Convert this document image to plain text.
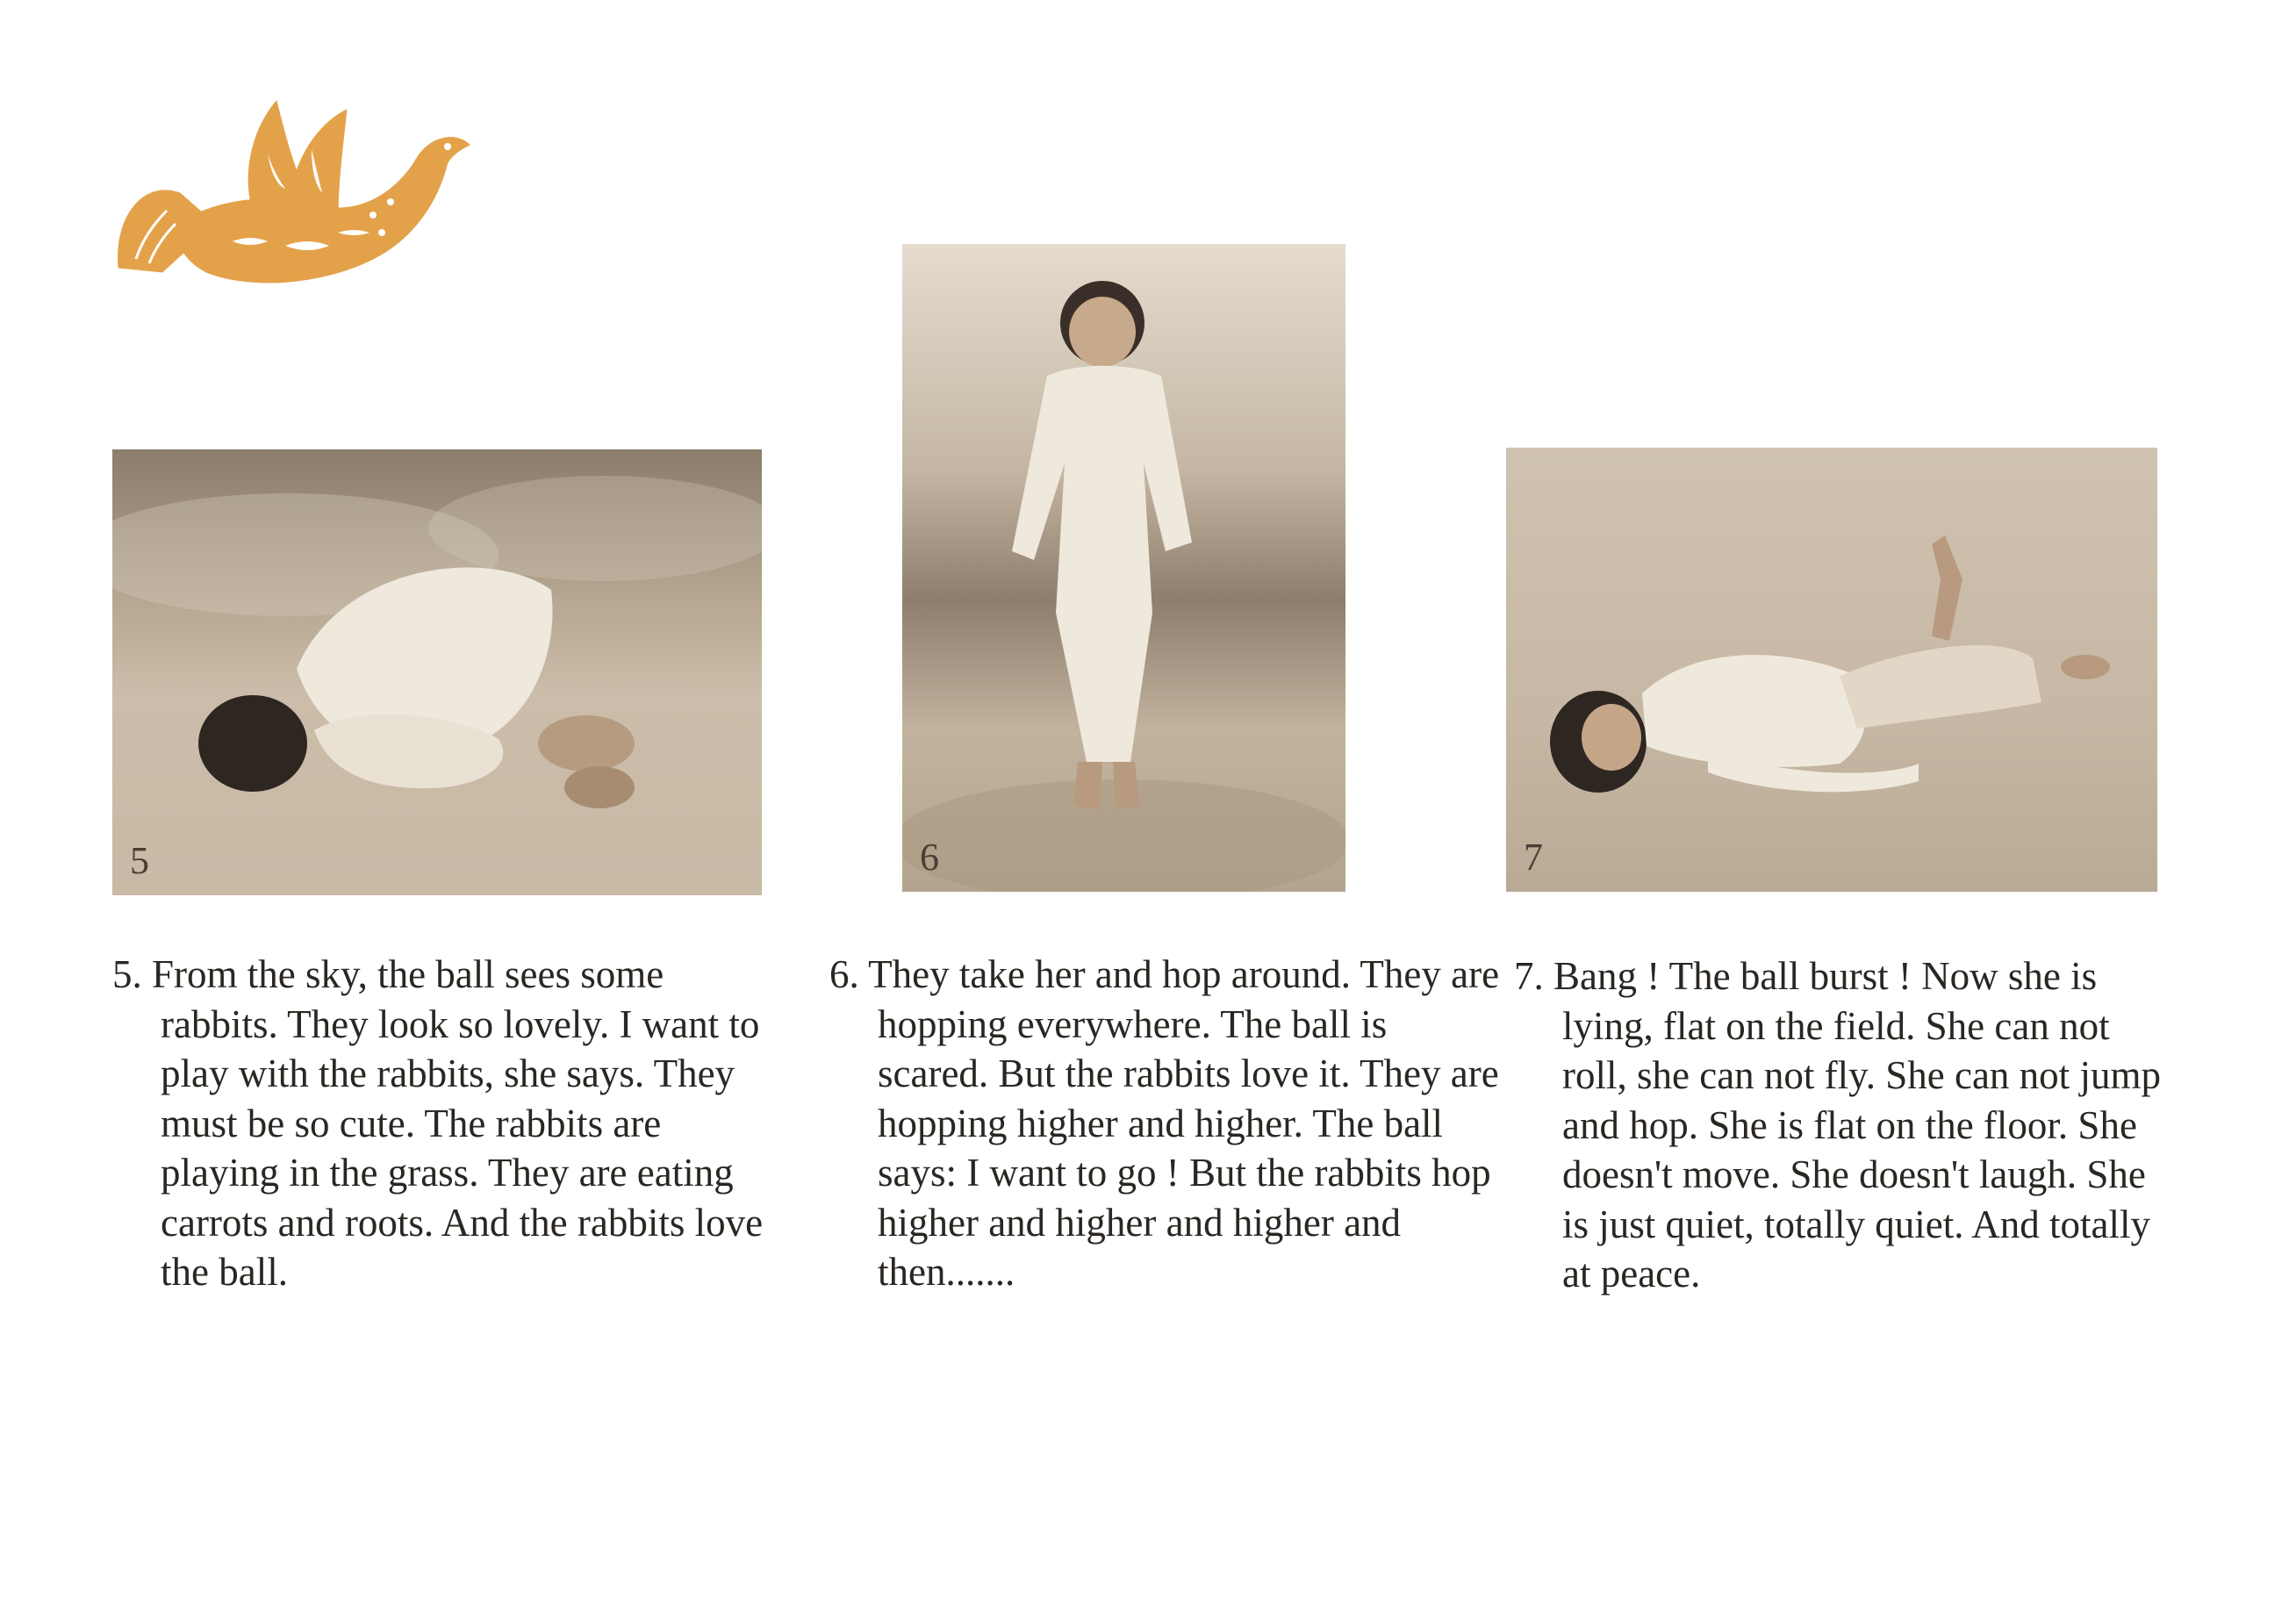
5	6	7
5. From the sky, the ball sees some rabbits. They look so lovely. I want to play with the rabbits, she says. They must be so cute. The rabbits are playing in the grass. They are eating carrots and roots. And the rabbits love the ball.
6. They take her and hop around. They are hopping everywhere. The ball is scared. But the rabbits love it. They are hopping higher and higher. The ball says: I want to go ! But the rabbits hop higher and higher and higher and then.......
7. Bang ! The ball burst ! Now she is lying, flat on the field. She can not roll, she can not fly. She can not jump and hop. She is flat on the floor. She doesn't move. She doesn't laugh. She is just quiet, totally quiet. And totally at peace.
